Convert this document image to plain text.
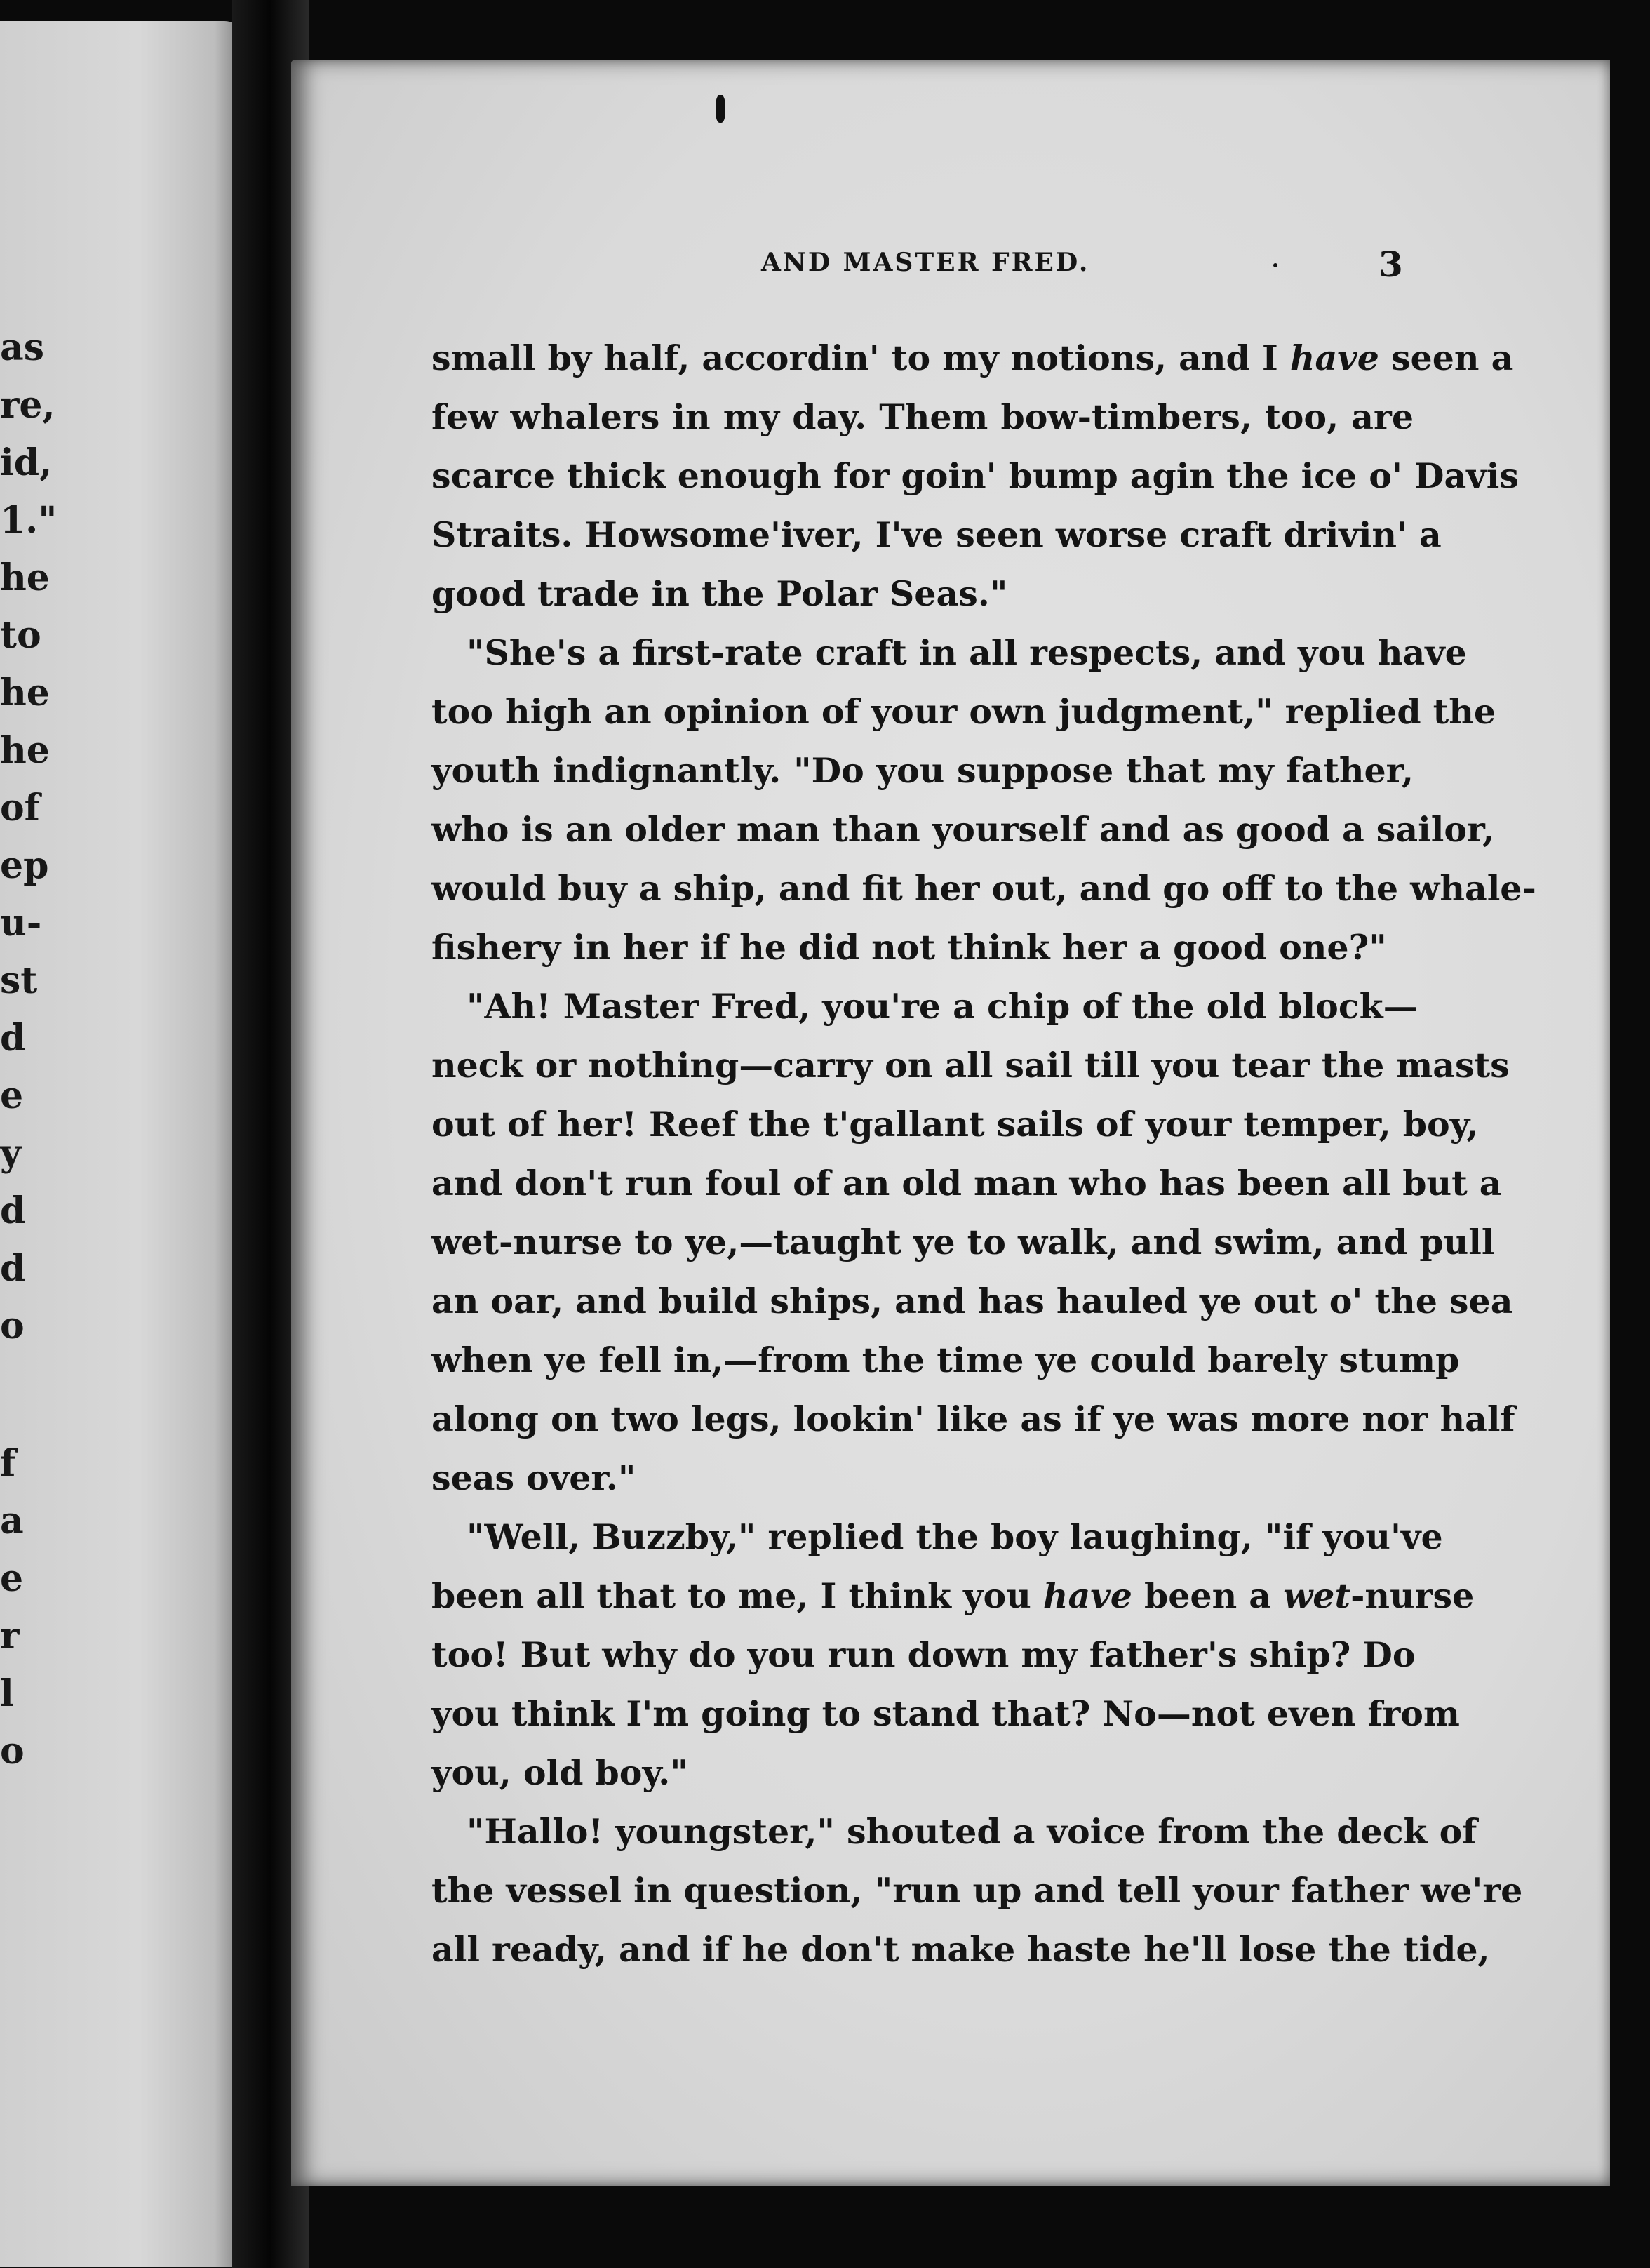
as
re,
id,
1."
he
to
he
he
of
ep
u-
st
d
e
y
d
d
o
f
a
e
r
l
o
AND MASTER FRED.	3
small by half, accordin' to my notions, and I have seen a
few whalers in my day. Them bow-timbers, too, are
scarce thick enough for goin' bump agin the ice o' Davis
Straits. Howsome'iver, I've seen worse craft drivin' a
good trade in the Polar Seas."
"She's a first-rate craft in all respects, and you have
too high an opinion of your own judgment," replied the
youth indignantly. "Do you suppose that my father,
who is an older man than yourself and as good a sailor,
would buy a ship, and fit her out, and go off to the whale-
fishery in her if he did not think her a good one?"
"Ah! Master Fred, you're a chip of the old block—
neck or nothing—carry on all sail till you tear the masts
out of her! Reef the t'gallant sails of your temper, boy,
and don't run foul of an old man who has been all but a
wet-nurse to ye,—taught ye to walk, and swim, and pull
an oar, and build ships, and has hauled ye out o' the sea
when ye fell in,—from the time ye could barely stump
along on two legs, lookin' like as if ye was more nor half
seas over."
"Well, Buzzby," replied the boy laughing, "if you've
been all that to me, I think you have been a wet-nurse
too! But why do you run down my father's ship? Do
you think I'm going to stand that? No—not even from
you, old boy."
"Hallo! youngster," shouted a voice from the deck of
the vessel in question, "run up and tell your father we're
all ready, and if he don't make haste he'll lose the tide,
